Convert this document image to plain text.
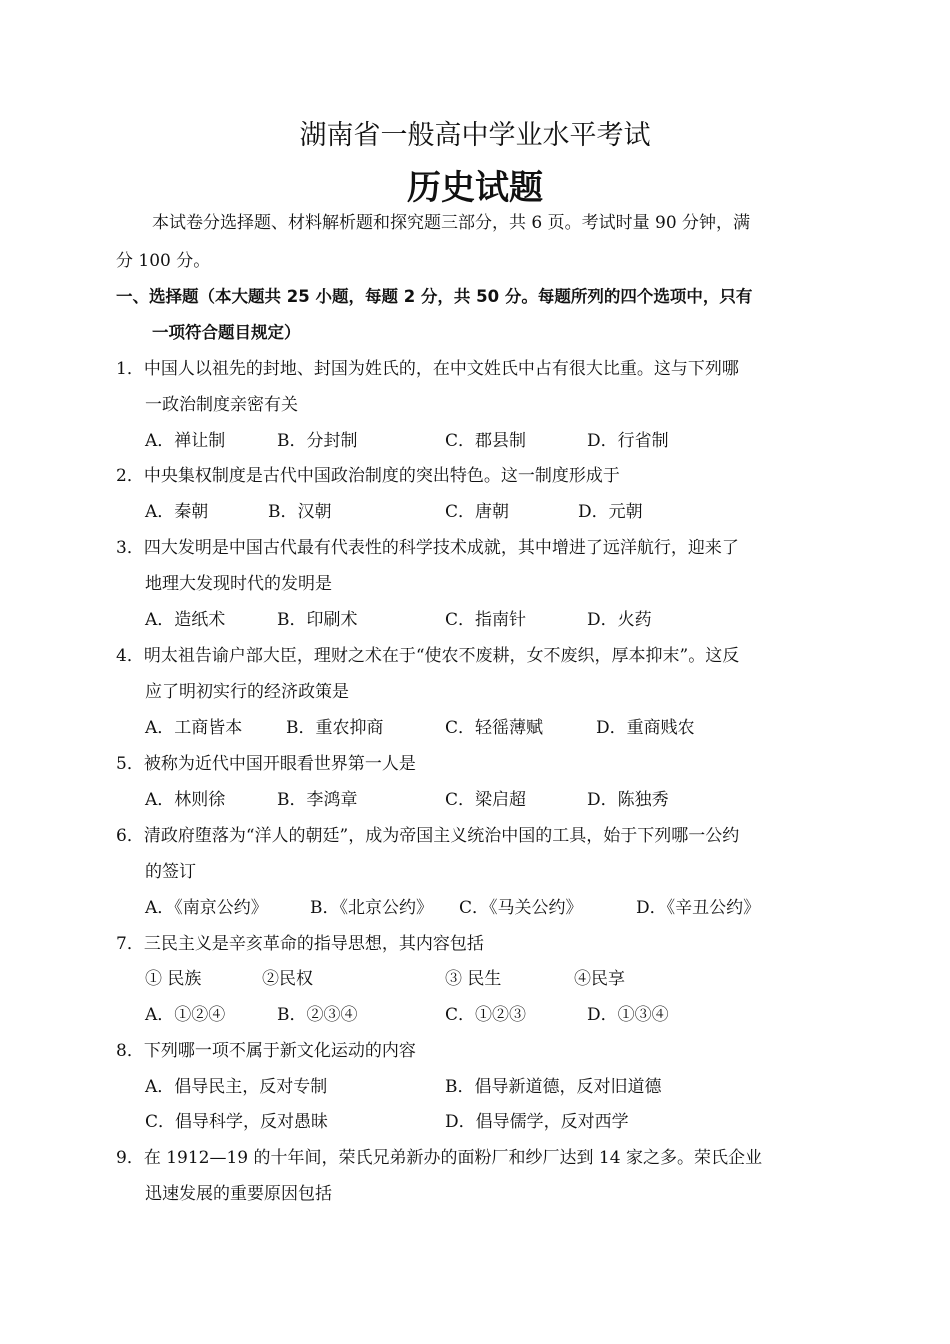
湖南省一般高中学业水平考试
历史试题
本试卷分选择题、材料解析题和探究题三部分，共 6 页。考试时量 90 分钟，满
分 100 分。
一、选择题（本大题共 25 小题，每题 2 分，共 50 分。每题所列的四个选项中，只有
一项符合题目规定）
1．中国人以祖先的封地、封国为姓氏的，在中文姓氏中占有很大比重。这与下列哪
一政治制度亲密有关
A．禅让制	B．分封制	C．郡县制	D．行省制
2．中央集权制度是古代中国政治制度的突出特色。这一制度形成于
A．秦朝	B．汉朝	C．唐朝	D．元朝
3．四大发明是中国古代最有代表性的科学技术成就，其中增进了远洋航行，迎来了
地理大发现时代的发明是
A．造纸术	B．印刷术	C．指南针	D．火药
4．明太祖告谕户部大臣，理财之术在于“使农不废耕，女不废织，厚本抑末”。这反
应了明初实行的经济政策是
A．工商皆本	B．重农抑商	C．轻徭薄赋	D．重商贱农
5．被称为近代中国开眼看世界第一人是
A．林则徐	B．李鸿章	C．梁启超	D．陈独秀
6．清政府堕落为“洋人的朝廷”，成为帝国主义统治中国的工具，始于下列哪一公约
的签订
A．《南京公约》 B．《北京公约》 C．《马关公约》	D．《辛丑公约》
7．三民主义是辛亥革命的指导思想，其内容包括
① 民族	②民权	③ 民生	④民享
A．①②④	B．②③④	C．①②③	D．①③④
8．下列哪一项不属于新文化运动的内容
A．倡导民主，反对专制	B．倡导新道德，反对旧道德
C．倡导科学，反对愚昧	D．倡导儒学，反对西学
9．在 1912—19 的十年间，荣氏兄弟新办的面粉厂和纱厂达到 14 家之多。荣氏企业
迅速发展的重要原因包括
